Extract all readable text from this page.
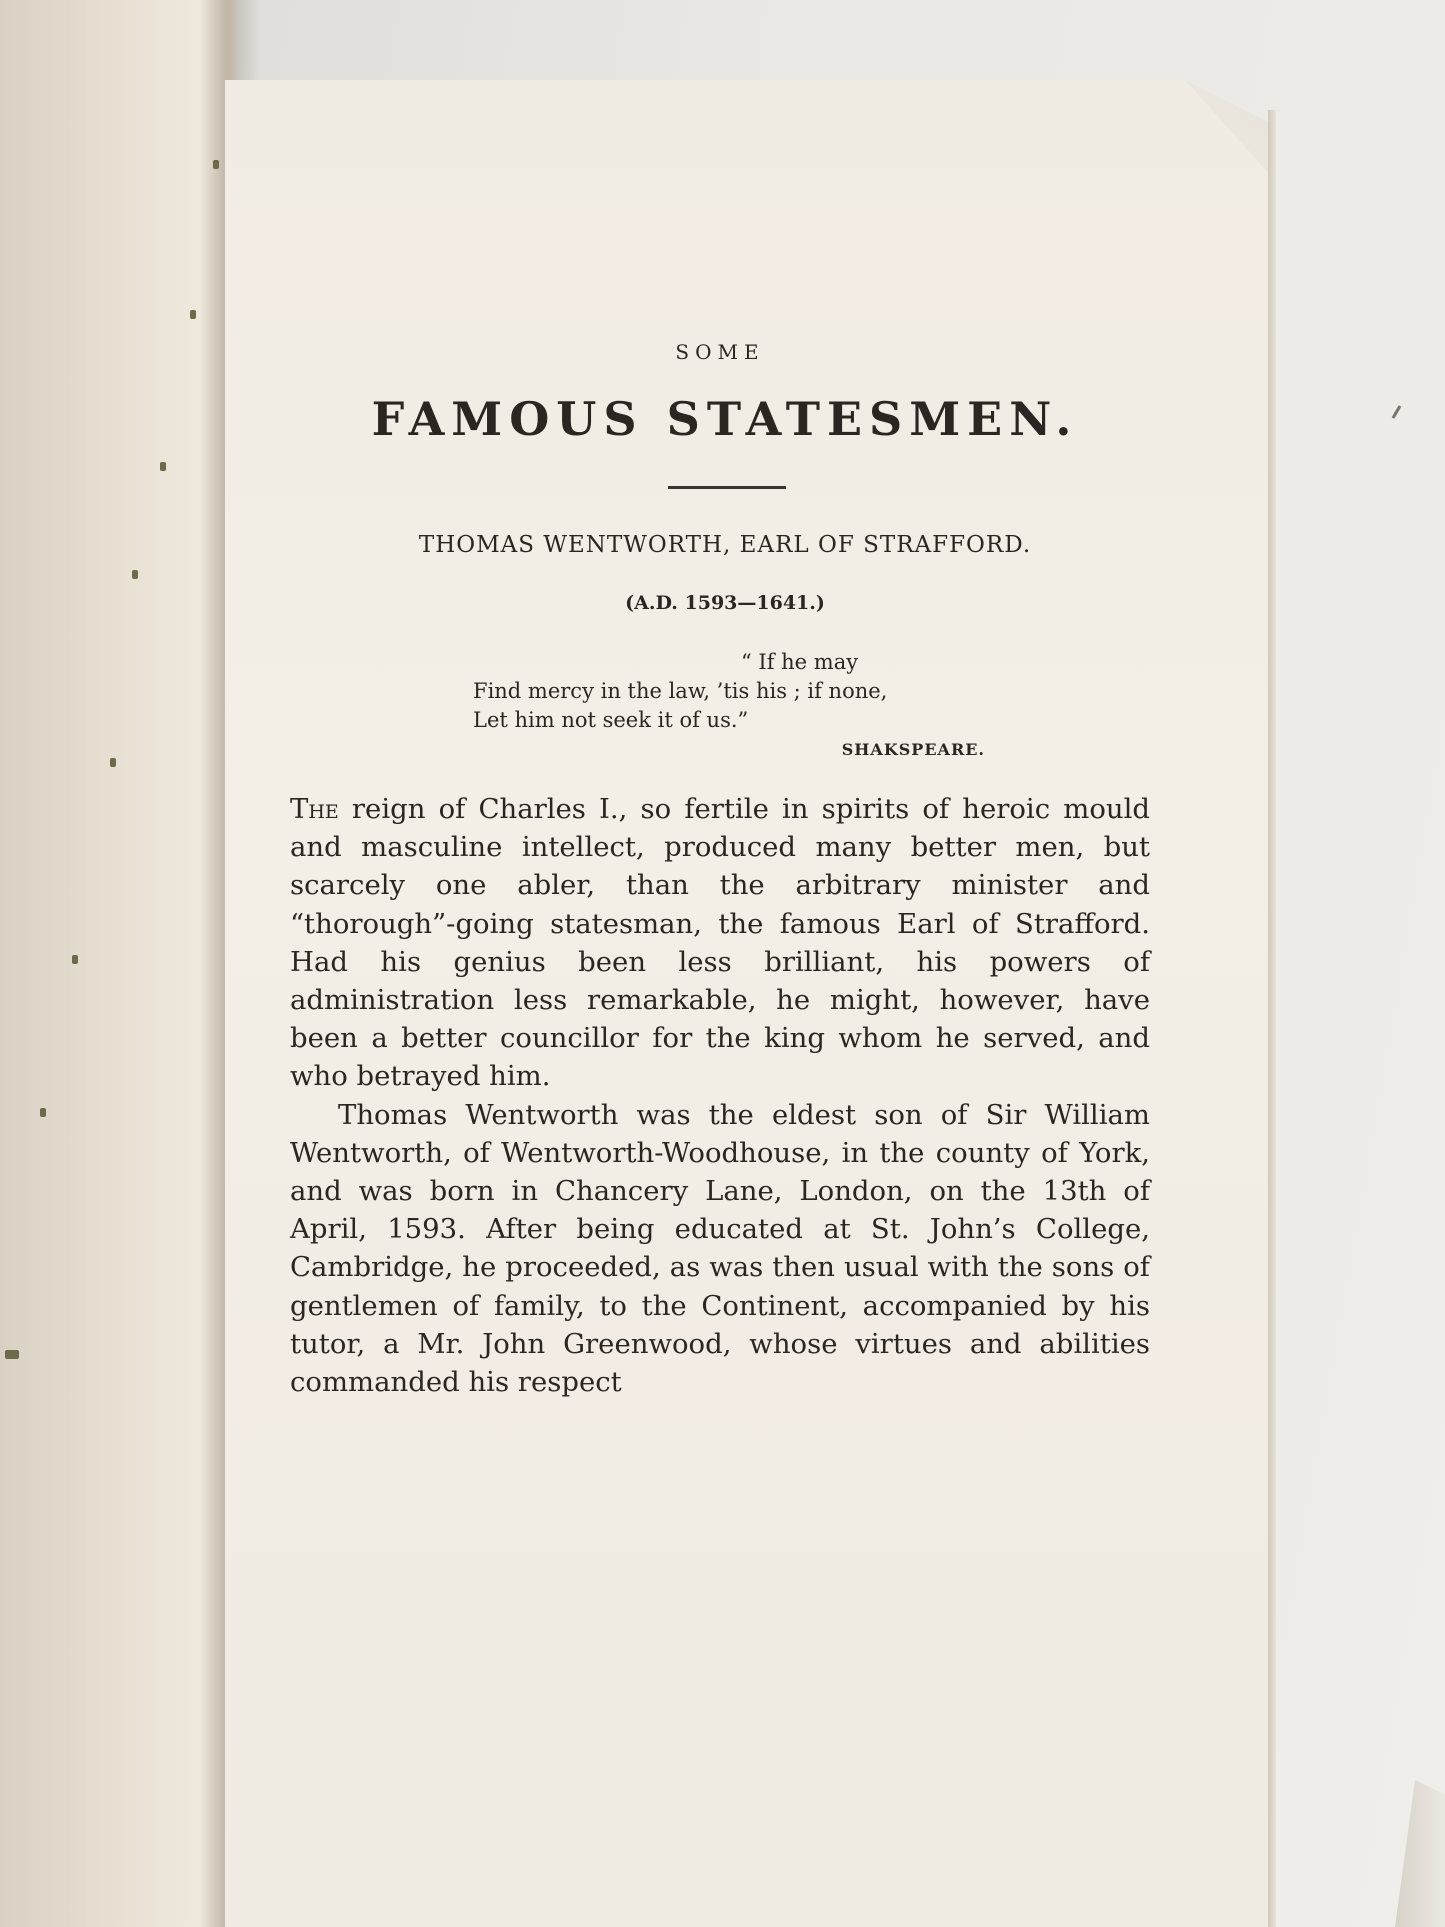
SOME
FAMOUS STATESMEN.
THOMAS WENTWORTH, EARL OF STRAFFORD.
(A.D. 1593—1641.)
“ If he may
Find mercy in the law, ’tis his ; if none,
Let him not seek it of us.”
SHAKSPEARE.

The reign of Charles I., so fertile in spirits of heroic mould and masculine intellect, produced many better men, but scarcely one abler, than the arbitrary minister and “thorough”-going statesman, the famous Earl of Strafford. Had his genius been less brilliant, his powers of administration less remarkable, he might, however, have been a better councillor for the king whom he served, and who betrayed him.

Thomas Wentworth was the eldest son of Sir William Wentworth, of Wentworth-Woodhouse, in the county of York, and was born in Chancery Lane, London, on the 13th of April, 1593. After being educated at St. John’s College, Cambridge, he proceeded, as was then usual with the sons of gentlemen of family, to the Continent, accompanied by his tutor, a Mr. John Greenwood, whose virtues and abilities commanded his respect
